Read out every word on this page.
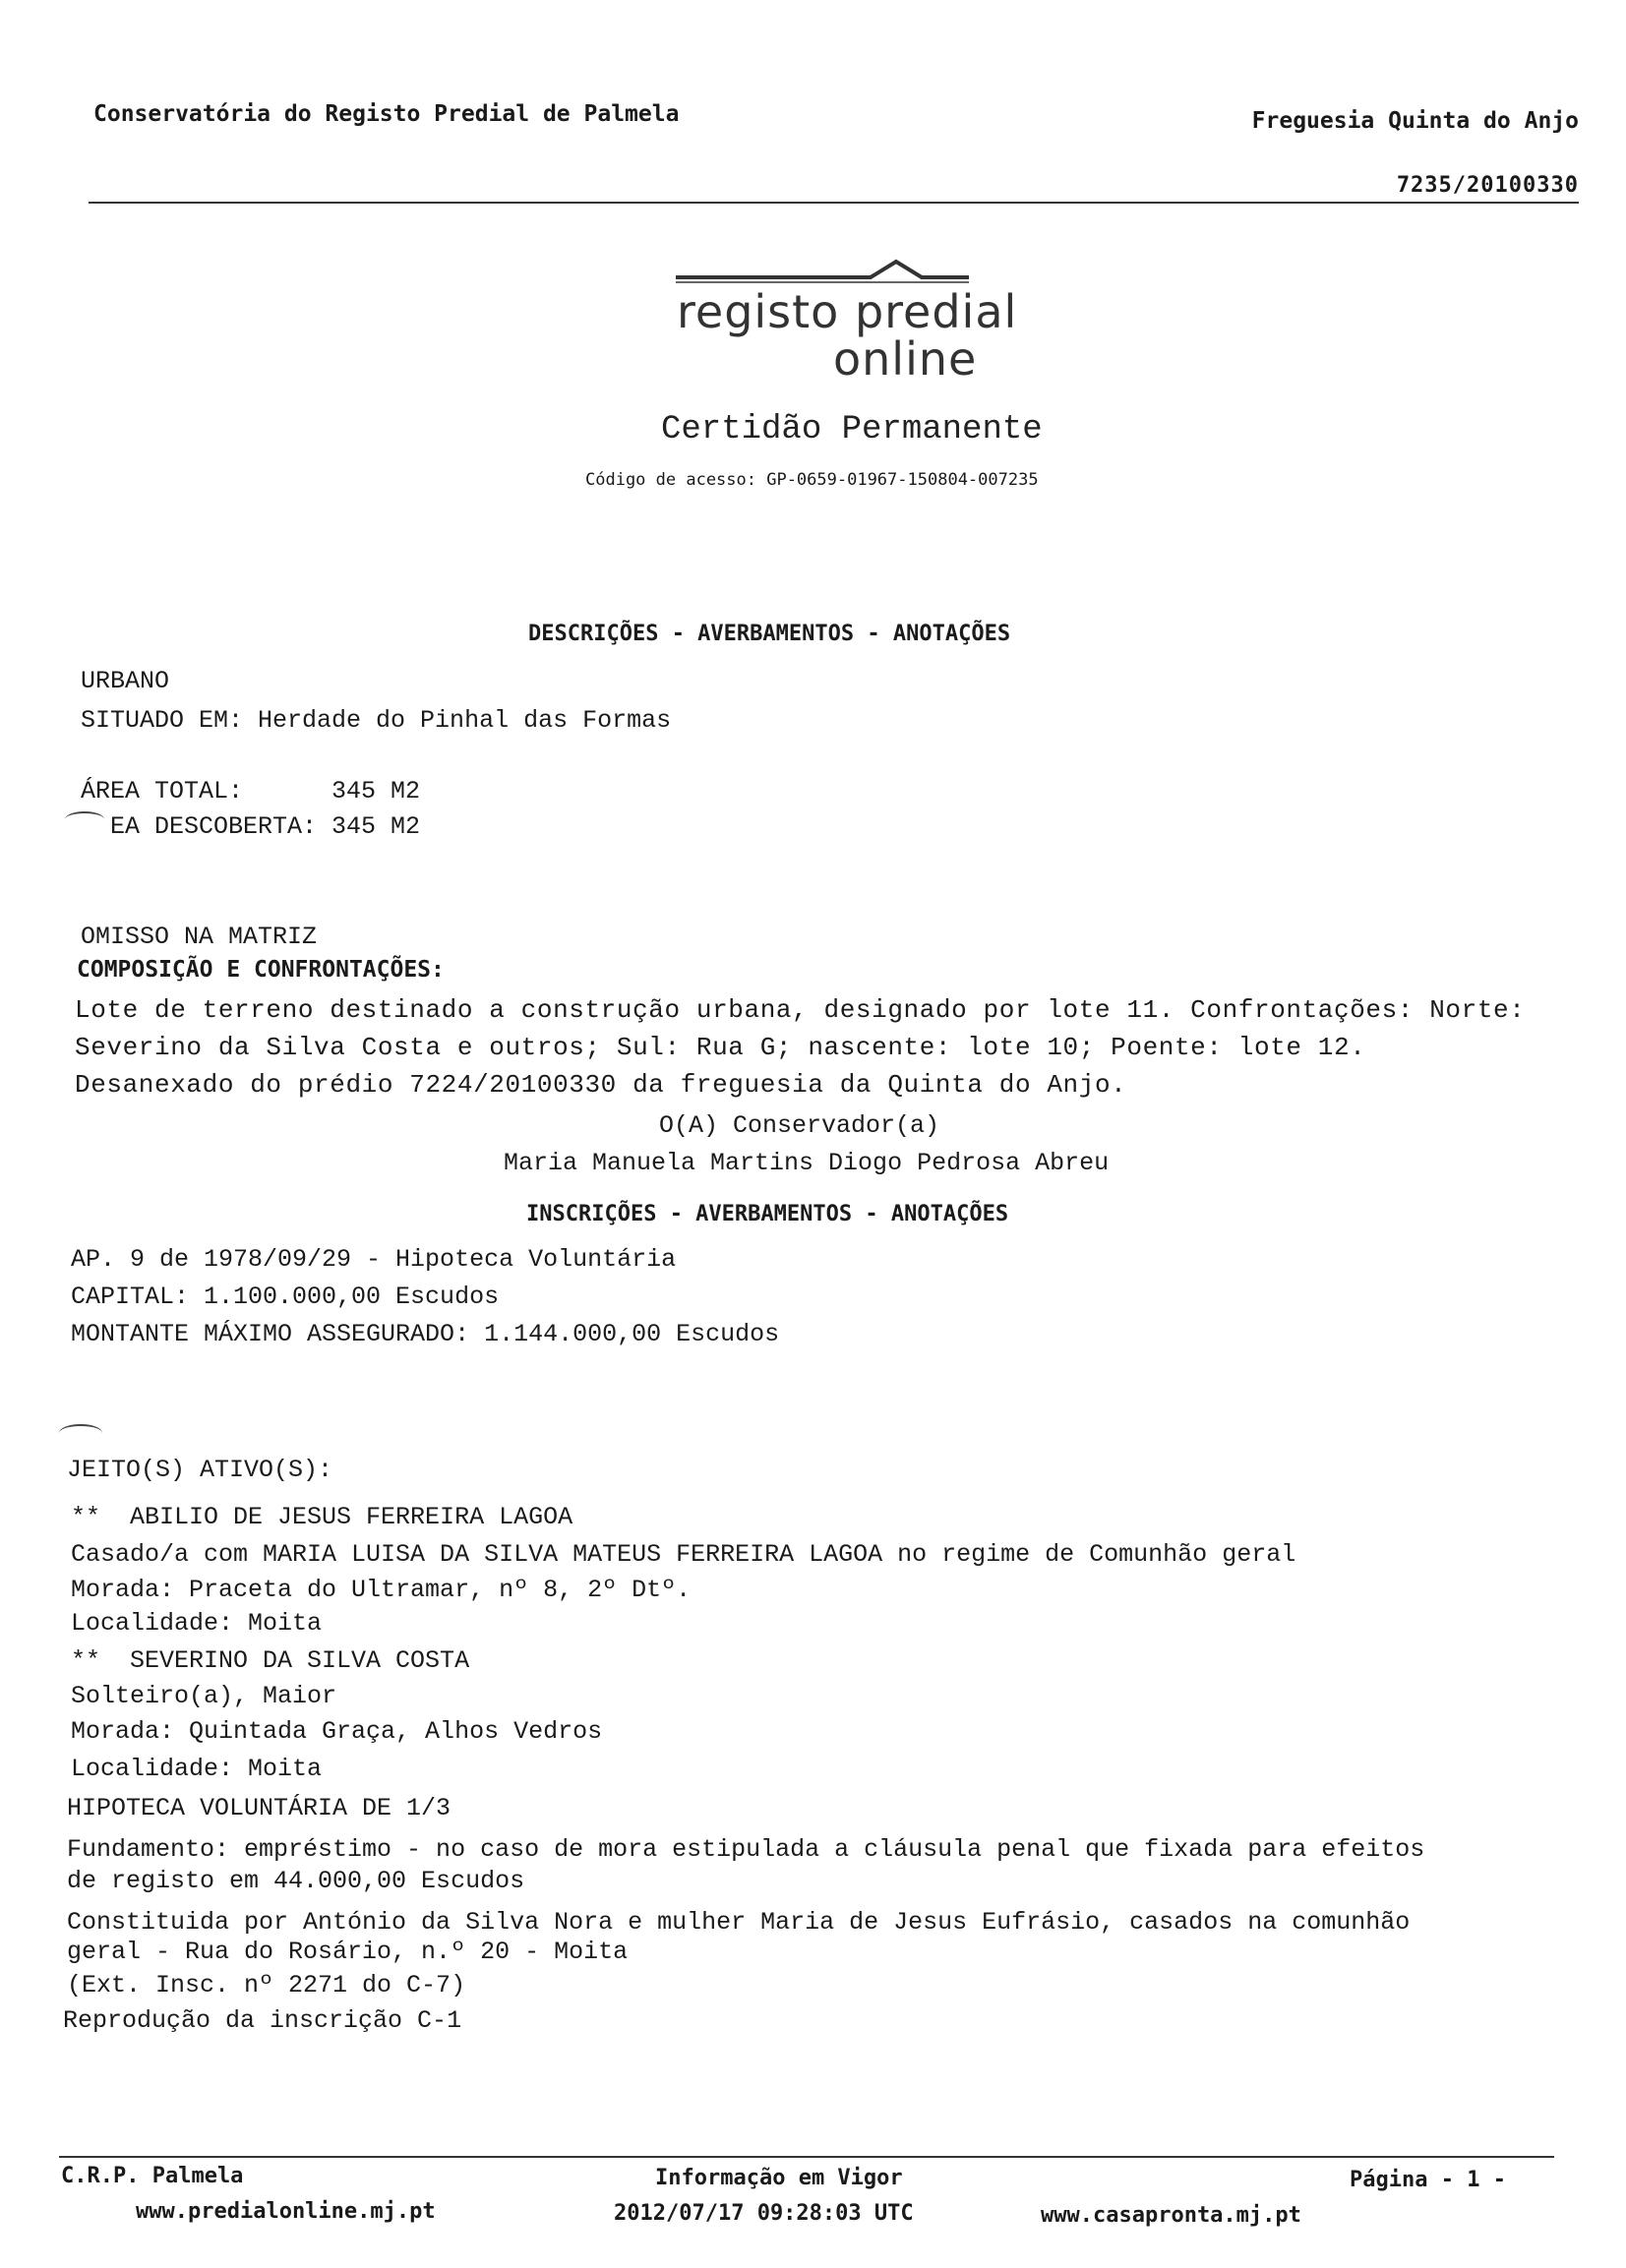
Conservatória do Registo Predial de Palmela	Freguesia Quinta do Anjo
7235/20100330
registo predial
online
Certidão Permanente
Código de acesso: GP-0659-01967-150804-007235
DESCRIÇÕES - AVERBAMENTOS - ANOTAÇÕES
URBANO
SITUADO EM: Herdade do Pinhal das Formas
ÁREA TOTAL:      345 M2
EA DESCOBERTA: 345 M2
OMISSO NA MATRIZ
COMPOSIÇÃO E CONFRONTAÇÕES:
Lote de terreno destinado a construção urbana, designado por lote 11. Confrontações: Norte:
Severino da Silva Costa e outros; Sul: Rua G; nascente: lote 10; Poente: lote 12.
Desanexado do prédio 7224/20100330 da freguesia da Quinta do Anjo.
O(A) Conservador(a)
Maria Manuela Martins Diogo Pedrosa Abreu
INSCRIÇÕES - AVERBAMENTOS - ANOTAÇÕES
AP. 9 de 1978/09/29 - Hipoteca Voluntária
CAPITAL: 1.100.000,00 Escudos
MONTANTE MÁXIMO ASSEGURADO: 1.144.000,00 Escudos
JEITO(S) ATIVO(S):
**  ABILIO DE JESUS FERREIRA LAGOA
Casado/a com MARIA LUISA DA SILVA MATEUS FERREIRA LAGOA no regime de Comunhão geral
Morada: Praceta do Ultramar, nº 8, 2º Dtº.
Localidade: Moita
**  SEVERINO DA SILVA COSTA
Solteiro(a), Maior
Morada: Quintada Graça, Alhos Vedros
Localidade: Moita
HIPOTECA VOLUNTÁRIA DE 1/3
Fundamento: empréstimo - no caso de mora estipulada a cláusula penal que fixada para efeitos
de registo em 44.000,00 Escudos
Constituida por António da Silva Nora e mulher Maria de Jesus Eufrásio, casados na comunhão
geral - Rua do Rosário, n.º 20 - Moita
(Ext. Insc. nº 2271 do C-7)
Reprodução da inscrição C-1
C.R.P. Palmela
www.predialonline.mj.pt
Informação em Vigor
2012/07/17 09:28:03 UTC
Página - 1 -
www.casapronta.mj.pt
